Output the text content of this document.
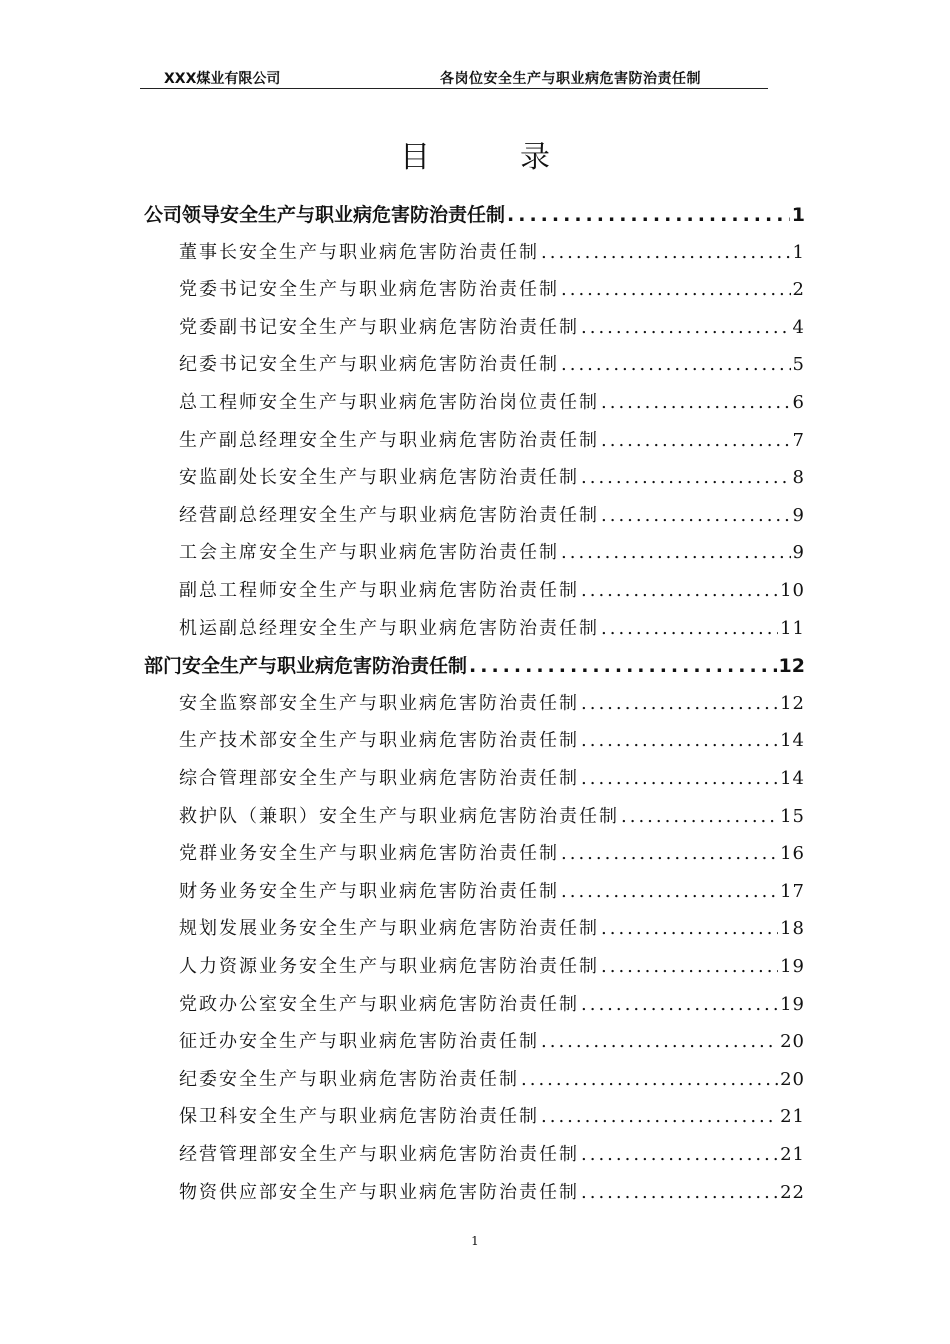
XXX煤业有限公司	各岗位安全生产与职业病危害防治责任制
目	录
公司领导安全生产与职业病危害防治责任制 .....	1
董事长安全生产与职业病危害防治责任制 .....	1
党委书记安全生产与职业病危害防治责任制 .....	2
党委副书记安全生产与职业病危害防治责任制 .....	4
纪委书记安全生产与职业病危害防治责任制 .....	5
总工程师安全生产与职业病危害防治岗位责任制 .....	6
生产副总经理安全生产与职业病危害防治责任制 .....	7
安监副处长安全生产与职业病危害防治责任制 .....	8
经营副总经理安全生产与职业病危害防治责任制 .....	9
工会主席安全生产与职业病危害防治责任制 .....	9
副总工程师安全生产与职业病危害防治责任制 .....	10
机运副总经理安全生产与职业病危害防治责任制 .....	11
部门安全生产与职业病危害防治责任制 .....	12
安全监察部安全生产与职业病危害防治责任制 .....	12
生产技术部安全生产与职业病危害防治责任制 .....	14
综合管理部安全生产与职业病危害防治责任制 .....	14
救护队（兼职）安全生产与职业病危害防治责任制 .....	15
党群业务安全生产与职业病危害防治责任制 .....	16
财务业务安全生产与职业病危害防治责任制 .....	17
规划发展业务安全生产与职业病危害防治责任制 .....	18
人力资源业务安全生产与职业病危害防治责任制 .....	19
党政办公室安全生产与职业病危害防治责任制 .....	19
征迁办安全生产与职业病危害防治责任制 .....	20
纪委安全生产与职业病危害防治责任制 .....	20
保卫科安全生产与职业病危害防治责任制 .....	21
经营管理部安全生产与职业病危害防治责任制 .....	21
物资供应部安全生产与职业病危害防治责任制 .....	22
1
